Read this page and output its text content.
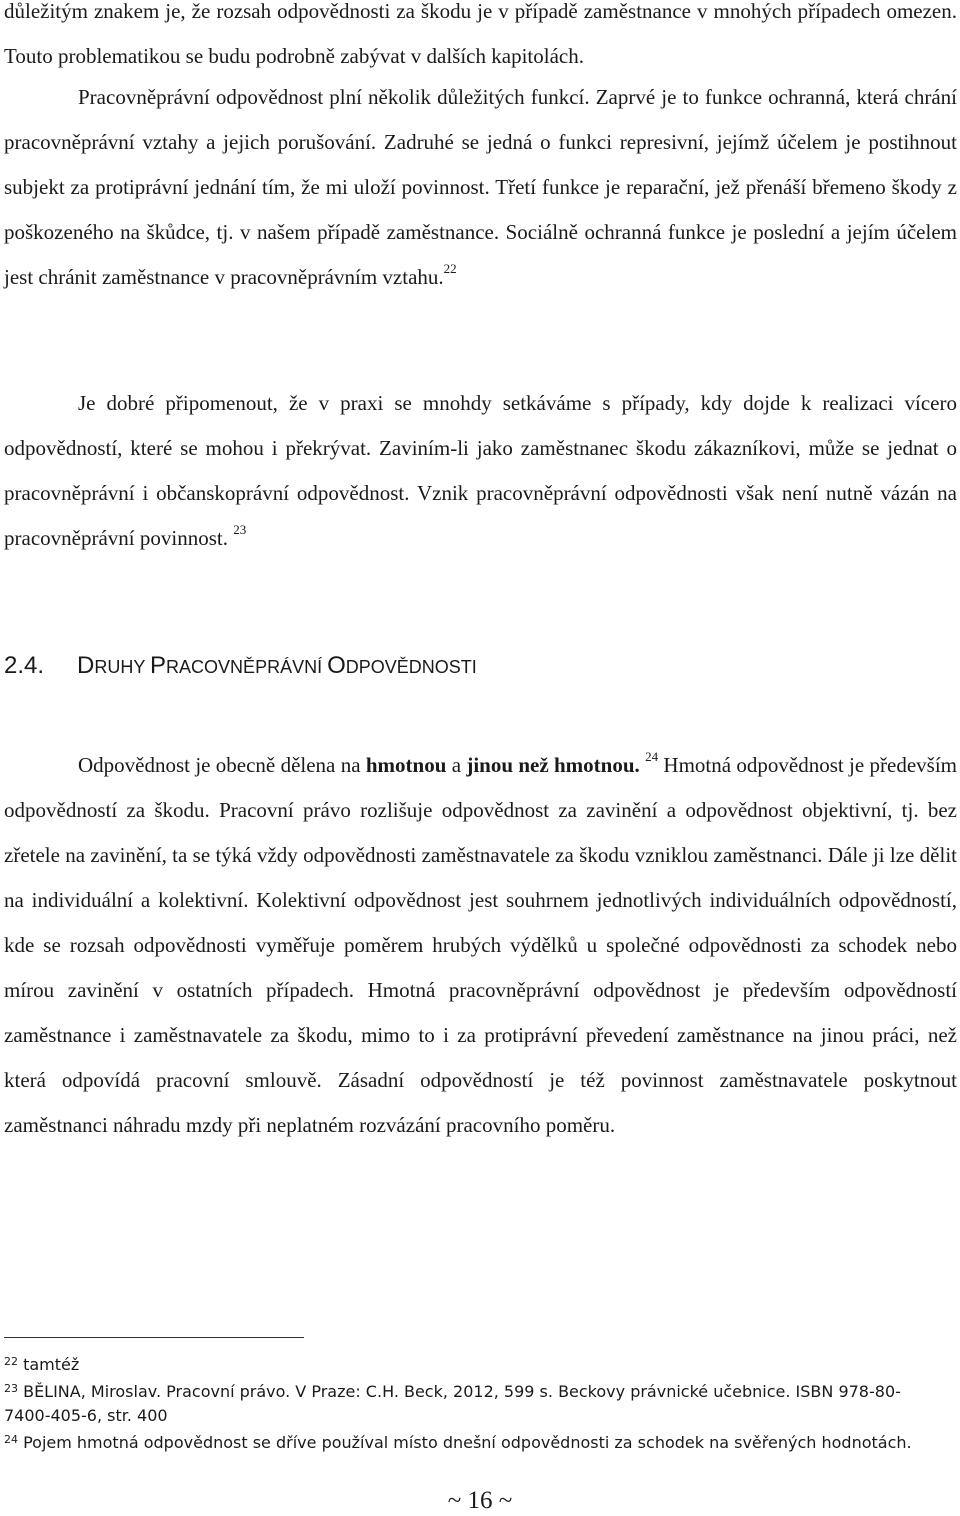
důležitým znakem je, že rozsah odpovědnosti za škodu je v případě zaměstnance v mnohých případech omezen. Touto problematikou se budu podrobně zabývat v dalších kapitolách.

Pracovněprávní odpovědnost plní několik důležitých funkcí. Zaprvé je to funkce ochranná, která chrání pracovněprávní vztahy a jejich porušování. Zadruhé se jedná o funkci represivní, jejímž účelem je postihnout subjekt za protiprávní jednání tím, že mi uloží povinnost. Třetí funkce je reparační, jež přenáší břemeno škody z poškozeného na škůdce, tj. v našem případě zaměstnance. Sociálně ochranná funkce je poslední a jejím účelem jest chránit zaměstnance v pracovněprávním vztahu.$^{22}$

Je dobré připomenout, že v praxi se mnohdy setkáváme s případy, kdy dojde k realizaci vícero odpovědností, které se mohou i překrývat. Zaviním-li jako zaměstnanec škodu zákazníkovi, může se jednat o pracovněprávní i občanskoprávní odpovědnost. Vznik pracovněprávní odpovědnosti však není nutně vázán na pracovněprávní povinnost. $^{23}$

2.4. DRUHY PRACOVNĚPRÁVNÍ ODPOVĚDNOSTI

Odpovědnost je obecně dělena na hmotnou a jinou než hmotnou. $^{24}$ Hmotná odpovědnost je především odpovědností za škodu. Pracovní právo rozlišuje odpovědnost za zavinění a odpovědnost objektivní, tj. bez zřetele na zavinění, ta se týká vždy odpovědnosti zaměstnavatele za škodu vzniklou zaměstnanci. Dále ji lze dělit na individuální a kolektivní. Kolektivní odpovědnost jest souhrnem jednotlivých individuálních odpovědností, kde se rozsah odpovědnosti vyměřuje poměrem hrubých výdělků u společné odpovědnosti za schodek nebo mírou zavinění v ostatních případech. Hmotná pracovněprávní odpovědnost je především odpovědností zaměstnance i zaměstnavatele za škodu, mimo to i za protiprávní převedení zaměstnance na jinou práci, než která odpovídá pracovní smlouvě. Zásadní odpovědností je též povinnost zaměstnavatele poskytnout zaměstnanci náhradu mzdy při neplatném rozvázání pracovního poměru.

$^{22}$ tamtéž

$^{23}$ BĚLINA, Miroslav. Pracovní právo. V Praze: C.H. Beck, 2012, 599 s. Beckovy právnické učebnice. ISBN 978-80-7400-405-6, str. 400

$^{24}$ Pojem hmotná odpovědnost se dříve používal místo dnešní odpovědnosti za schodek na svěřených hodnotách.

~ 16 ~
